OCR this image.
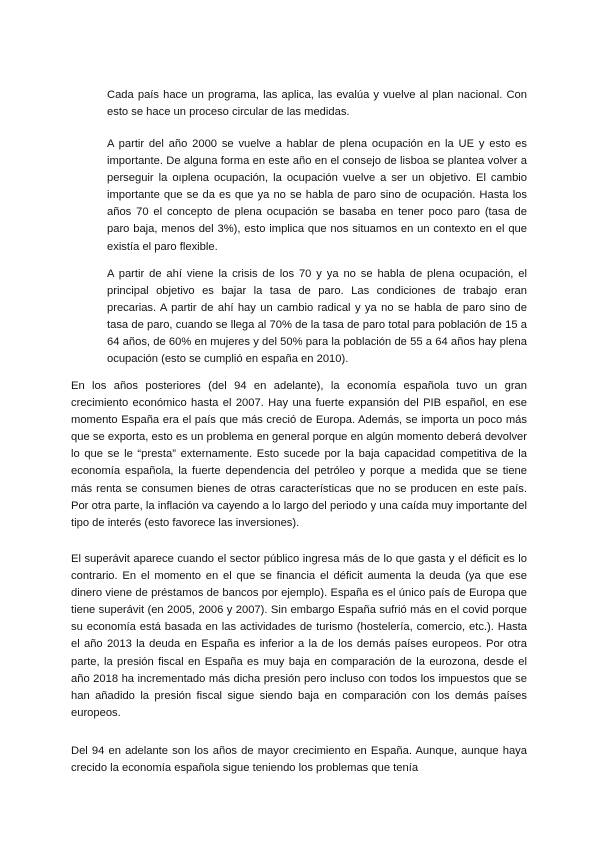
Cada país hace un programa, las aplica, las evalúa y vuelve al plan nacional. Con esto se hace un proceso circular de las medidas.

A partir del año 2000 se vuelve a hablar de plena ocupación en la UE y esto es importante. De alguna forma en este año en el consejo de lisboa se plantea volver a perseguir la oıplena ocupación, la ocupación vuelve a ser un objetivo. El cambio importante que se da es que ya no se habla de paro sino de ocupación. Hasta los años 70 el concepto de plena ocupación se basaba en tener poco paro (tasa de paro baja, menos del 3%), esto implica que nos situamos en un contexto en el que existía el paro flexible.

A partir de ahí viene la crisis de los 70 y ya no se habla de plena ocupación, el principal objetivo es bajar la tasa de paro. Las condiciones de trabajo eran precarias. A partir de ahí hay un cambio radical y ya no se habla de paro sino de tasa de paro, cuando se llega al 70% de la tasa de paro total para población de 15 a 64 años, de 60% en mujeres y del 50% para la población de 55 a 64 años hay plena ocupación (esto se cumplió en españa en 2010).

En los años posteriores (del 94 en adelante), la economía española tuvo un gran crecimiento económico hasta el 2007. Hay una fuerte expansión del PIB español, en ese momento España era el país que más creció de Europa. Además, se importa un poco más que se exporta, esto es un problema en general porque en algún momento deberá devolver lo que se le “presta” externamente. Esto sucede por la baja capacidad competitiva de la economía española, la fuerte dependencia del petróleo y porque a medida que se tiene más renta se consumen bienes de otras características que no se producen en este país. Por otra parte, la inflación va cayendo a lo largo del periodo y una caída muy importante del tipo de interés (esto favorece las inversiones).

El superávit aparece cuando el sector público ingresa más de lo que gasta y el déficit es lo contrario. En el momento en el que se financia el déficit aumenta la deuda (ya que ese dinero viene de préstamos de bancos por ejemplo). España es el único país de Europa que tiene superávit (en 2005, 2006 y 2007). Sin embargo España sufrió más en el covid porque su economía está basada en las actividades de turismo (hostelería, comercio, etc.). Hasta el año 2013 la deuda en España es inferior a la de los demás países europeos. Por otra parte, la presión fiscal en España es muy baja en comparación de la eurozona, desde el año 2018 ha incrementado más dicha presión pero incluso con todos los impuestos que se han añadido la presión fiscal sigue siendo baja en comparación con los demás países europeos.

Del 94 en adelante son los años de mayor crecimiento en España. Aunque, aunque haya crecido la economía española sigue teniendo los problemas que tenía
